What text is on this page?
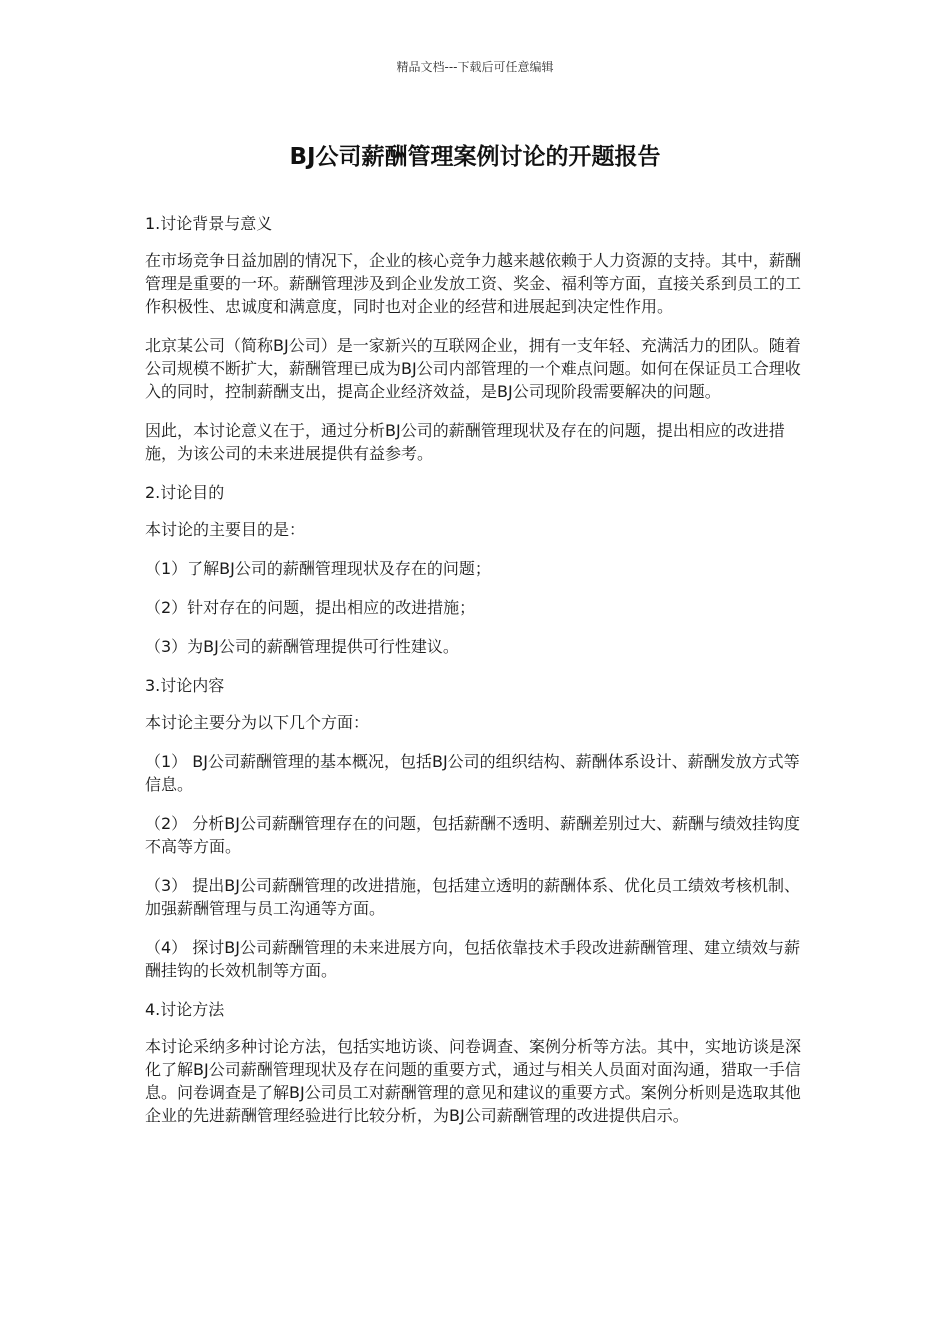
精品文档---下载后可任意编辑
BJ公司薪酬管理案例讨论的开题报告

1.讨论背景与意义

在市场竞争日益加剧的情况下，企业的核心竞争力越来越依赖于人力资源的支持。其中，薪酬管理是重要的一环。薪酬管理涉及到企业发放工资、奖金、福利等方面，直接关系到员工的工作积极性、忠诚度和满意度，同时也对企业的经营和进展起到决定性作用。

北京某公司（简称BJ公司）是一家新兴的互联网企业，拥有一支年轻、充满活力的团队。随着公司规模不断扩大，薪酬管理已成为BJ公司内部管理的一个难点问题。如何在保证员工合理收入的同时，控制薪酬支出，提高企业经济效益，是BJ公司现阶段需要解决的问题。

因此，本讨论意义在于，通过分析BJ公司的薪酬管理现状及存在的问题，提出相应的改进措施，为该公司的未来进展提供有益参考。

2.讨论目的

本讨论的主要目的是：

（1）了解BJ公司的薪酬管理现状及存在的问题；

（2）针对存在的问题，提出相应的改进措施；

（3）为BJ公司的薪酬管理提供可行性建议。

3.讨论内容

本讨论主要分为以下几个方面：

（1） BJ公司薪酬管理的基本概况，包括BJ公司的组织结构、薪酬体系设计、薪酬发放方式等信息。

（2） 分析BJ公司薪酬管理存在的问题，包括薪酬不透明、薪酬差别过大、薪酬与绩效挂钩度不高等方面。

（3） 提出BJ公司薪酬管理的改进措施，包括建立透明的薪酬体系、优化员工绩效考核机制、加强薪酬管理与员工沟通等方面。

（4） 探讨BJ公司薪酬管理的未来进展方向，包括依靠技术手段改进薪酬管理、建立绩效与薪酬挂钩的长效机制等方面。

4.讨论方法

本讨论采纳多种讨论方法，包括实地访谈、问卷调查、案例分析等方法。其中，实地访谈是深化了解BJ公司薪酬管理现状及存在问题的重要方式，通过与相关人员面对面沟通，猎取一手信息。问卷调查是了解BJ公司员工对薪酬管理的意见和建议的重要方式。案例分析则是选取其他企业的先进薪酬管理经验进行比较分析，为BJ公司薪酬管理的改进提供启示。
